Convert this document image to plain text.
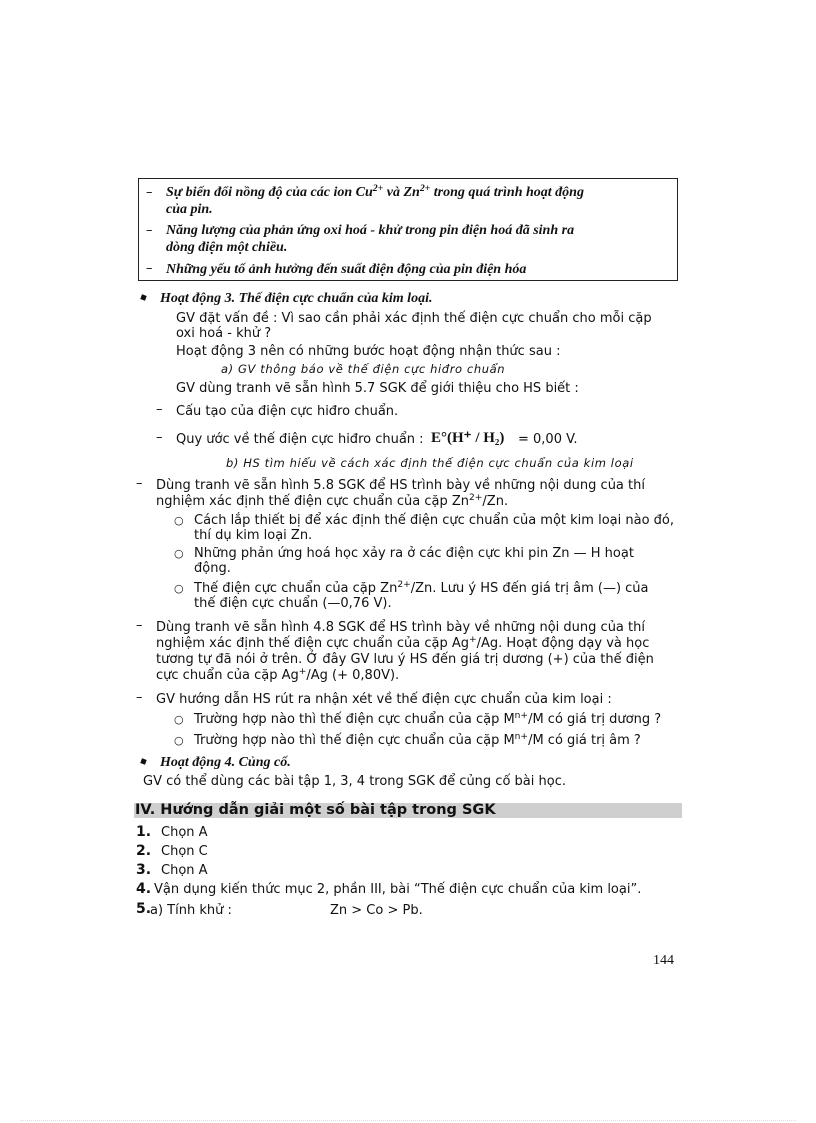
– Sự biến đổi nồng độ của các ion $Cu^{2+}$ và $Zn^{2+}$ trong quá trình hoạt động
của pin.
– Năng lượng của phản ứng oxi hoá - khử trong pin điện hoá đã sinh ra
dòng điện một chiều.
– Những yếu tố ảnh hưởng đến suất điện động của pin điện hóa
Hoạt động 3. Thế điện cực chuẩn của kim loại.
GV đặt vấn đề : Vì sao cần phải xác định thế điện cực chuẩn cho mỗi cặp
oxi hoá - khử ?
Hoạt động 3 nên có những bước hoạt động nhận thức sau :
a) GV thông báo về thế điện cực hiđro chuẩn
GV dùng tranh vẽ sẵn hình 5.7 SGK để giới thiệu cho HS biết :
– Cấu tạo của điện cực hiđro chuẩn.
– Quy ước về thế điện cực hiđro chuẩn : E°(H⁺ / H₂) = 0,00 V.
b) HS tìm hiểu về cách xác định thế điện cực chuẩn của kim loại
– Dùng tranh vẽ sẵn hình 5.8 SGK để HS trình bày về những nội dung của thí
nghiệm xác định thế điện cực chuẩn của cặp $Zn^{2+}/Zn$.
○ Cách lắp thiết bị để xác định thế điện cực chuẩn của một kim loại nào đó,
thí dụ kim loại Zn.
○ Những phản ứng hoá học xảy ra ở các điện cực khi pin Zn — H hoạt
động.
○ Thế điện cực chuẩn của cặp $Zn^{2+}/Zn$. Lưu ý HS đến giá trị âm (—) của
thế điện cực chuẩn (—0,76 V).
– Dùng tranh vẽ sẵn hình 4.8 SGK để HS trình bày về những nội dung của thí
nghiệm xác định thế điện cực chuẩn của cặp Ag+/Ag. Hoạt động dạy và học
tương tự đã nói ở trên. Ở đây GV lưu ý HS đến giá trị dương (+) của thế điện
cực chuẩn của cặp Ag+/Ag (+ 0,80V).
– GV hướng dẫn HS rút ra nhận xét về thế điện cực chuẩn của kim loại :
○ Trường hợp nào thì thế điện cực chuẩn của cặp $M^{n+}/M$ có giá trị dương ?
○ Trường hợp nào thì thế điện cực chuẩn của cặp $M^{n+}/M$ có giá trị âm ?
Hoạt động 4. Củng cố.
GV có thể dùng các bài tập 1, 3, 4 trong SGK để củng cố bài học.
IV. Hướng dẫn giải một số bài tập trong SGK
1. Chọn A
2. Chọn C
3. Chọn A
4. Vận dụng kiến thức mục 2, phần III, bài “Thế điện cực chuẩn của kim loại”.
5.
a) Tính khử :	Zn > Co > Pb.
144
